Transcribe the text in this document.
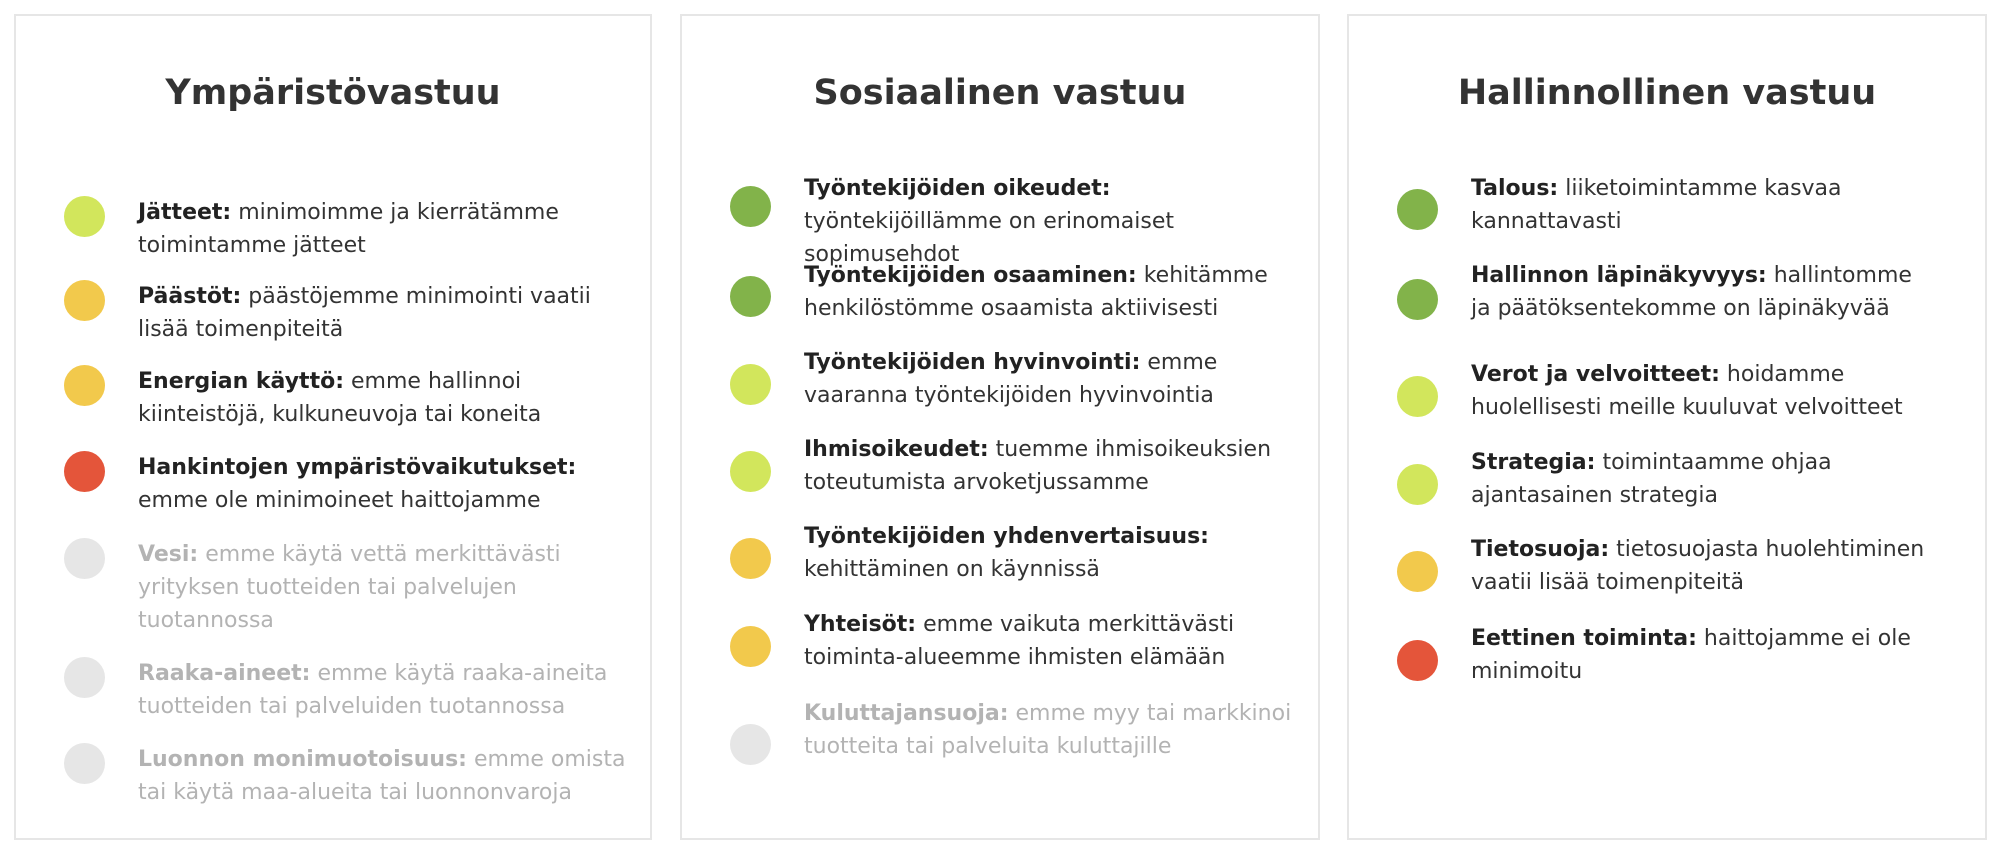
Ympäristövastuu
Jätteet: minimoimme ja kierrätämme toimintamme jätteet
Päästöt: päästöjemme minimointi vaatii lisää toimenpiteitä
Energian käyttö: emme hallinnoi kiinteistöjä, kulkuneuvoja tai koneita
Hankintojen ympäristövaikutukset: emme ole minimoineet haittojamme
Vesi: emme käytä vettä merkittävästi yrityksen tuotteiden tai palvelujen tuotannossa
Raaka-aineet: emme käytä raaka-aineita tuotteiden tai palveluiden tuotannossa
Luonnon monimuotoisuus: emme omista tai käytä maa-alueita tai luonnonvaroja
Sosiaalinen vastuu
Työntekijöiden oikeudet: työntekijöillämme on erinomaiset sopimusehdot
Työntekijöiden osaaminen: kehitämme henkilöstömme osaamista aktiivisesti
Työntekijöiden hyvinvointi: emme vaaranna työntekijöiden hyvinvointia
Ihmisoikeudet: tuemme ihmisoikeuksien toteutumista arvoketjussamme
Työntekijöiden yhdenvertaisuus: kehittäminen on käynnissä
Yhteisöt: emme vaikuta merkittävästi toiminta-alueemme ihmisten elämään
Kuluttajansuoja: emme myy tai markkinoi tuotteita tai palveluita kuluttajille
Hallinnollinen vastuu
Talous: liiketoimintamme kasvaa kannattavasti
Hallinnon läpinäkyvyys: hallintomme ja päätöksentekomme on läpinäkyvää
Verot ja velvoitteet: hoidamme huolellisesti meille kuuluvat velvoitteet
Strategia: toimintaamme ohjaa ajantasainen strategia
Tietosuoja: tietosuojasta huolehtiminen vaatii lisää toimenpiteitä
Eettinen toiminta: haittojamme ei ole minimoitu
